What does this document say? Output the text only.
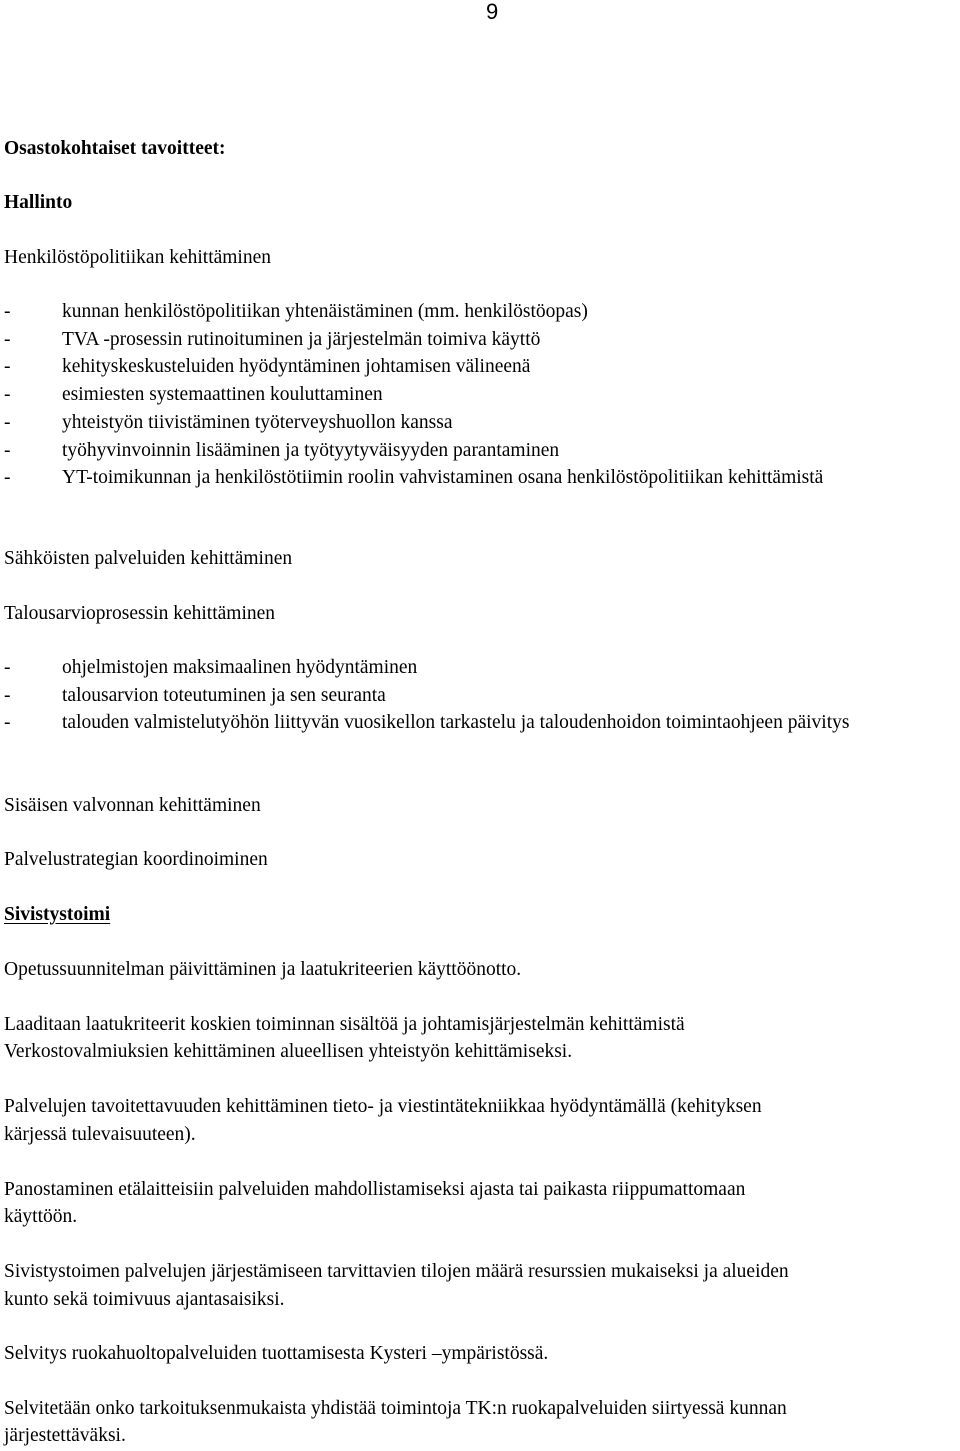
9
Osastokohtaiset tavoitteet:
Hallinto
Henkilöstöpolitiikan kehittäminen
-	kunnan henkilöstöpolitiikan yhtenäistäminen (mm. henkilöstöopas)
-	TVA -prosessin rutinoituminen ja järjestelmän toimiva käyttö
-	kehityskeskusteluiden hyödyntäminen johtamisen välineenä
-	esimiesten systemaattinen kouluttaminen
-	yhteistyön tiivistäminen työterveyshuollon kanssa
-	työhyvinvoinnin lisääminen ja työtyytyväisyyden parantaminen
-	YT-toimikunnan ja henkilöstötiimin roolin vahvistaminen osana henkilöstöpolitiikan kehittämistä
Sähköisten palveluiden kehittäminen
Talousarvioprosessin kehittäminen
-	ohjelmistojen maksimaalinen hyödyntäminen
-	talousarvion toteutuminen ja sen seuranta
-	talouden valmistelutyöhön liittyvän vuosikellon tarkastelu ja taloudenhoidon toimintaohjeen päivitys
Sisäisen valvonnan kehittäminen
Palvelustrategian koordinoiminen
Sivistystoimi
Opetussuunnitelman päivittäminen ja laatukriteerien käyttöönotto.
Laaditaan laatukriteerit koskien toiminnan sisältöä ja johtamisjärjestelmän kehittämistä
Verkostovalmiuksien kehittäminen alueellisen yhteistyön kehittämiseksi.
Palvelujen tavoitettavuuden kehittäminen tieto- ja viestintätekniikkaa hyödyntämällä (kehityksen
kärjessä tulevaisuuteen).
Panostaminen etälaitteisiin palveluiden mahdollistamiseksi ajasta tai paikasta riippumattomaan
käyttöön.
Sivistystoimen palvelujen järjestämiseen tarvittavien tilojen määrä resurssien mukaiseksi ja alueiden
kunto sekä toimivuus ajantasaisiksi.
Selvitys ruokahuoltopalveluiden tuottamisesta Kysteri –ympäristössä.
Selvitetään onko tarkoituksenmukaista yhdistää toimintoja TK:n ruokapalveluiden siirtyessä kunnan
järjestettäväksi.
